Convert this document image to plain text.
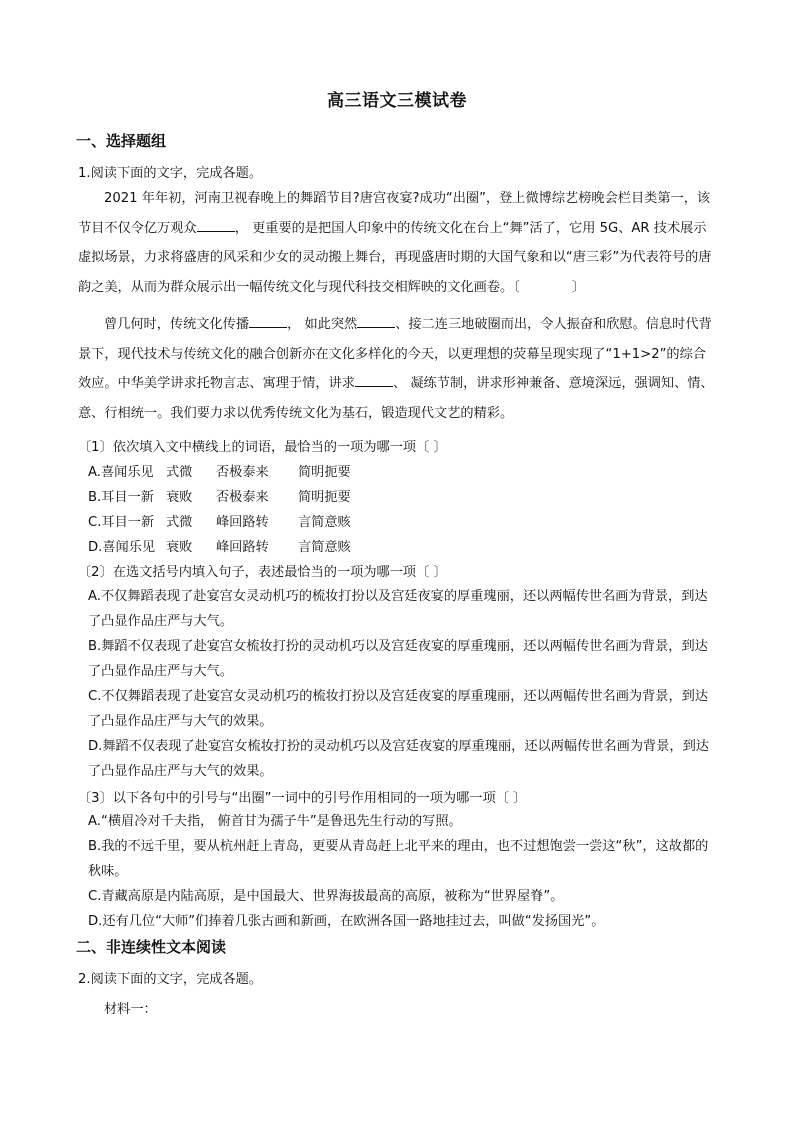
高三语文三模试卷
一、选择题组
1.阅读下面的文字，完成各题。

2021 年年初，河南卫视春晚上的舞蹈节目?唐宫夜宴?成功“出圈”，登上微博综艺榜晚会栏目类第一，该节目不仅令亿万观众	， 更重要的是把国人印象中的传统文化在台上“舞”活了，它用 5G、AR 技术展示虚拟场景，力求将盛唐的风采和少女的灵动搬上舞台，再现盛唐时期的大国气象和以“唐三彩”为代表符号的唐韵之美，从而为群众展示出一幅传统文化与现代科技交相辉映的文化画卷。〔	〕

曾几何时，传统文化传播	， 如此突然	、接二连三地破圈而出，令人振奋和欣慰。信息时代背景下，现代技术与传统文化的融合创新亦在文化多样化的今天，以更理想的荧幕呈现实现了“1+1>2”的综合效应。中华美学讲求托物言志、寓理于情，讲求	、 凝练节制，讲求形神兼备、意境深远，强调知、情、意、行相统一。我们要力求以优秀传统文化为基石，锻造现代文艺的精彩。

〔1〕依次填入文中横线上的词语，最恰当的一项为哪一项〔 〕
A.喜闻乐见 式微 否极泰来 简明扼要
B.耳目一新 衰败 否极泰来 简明扼要
C.耳目一新 式微 峰回路转 言简意赅
D.喜闻乐见 衰败 峰回路转 言简意赅
〔2〕在选文括号内填入句子，表述最恰当的一项为哪一项〔 〕
A.不仅舞蹈表现了赴宴宫女灵动机巧的梳妆打扮以及宫廷夜宴的厚重瑰丽，还以两幅传世名画为背景，到达了凸显作品庄严与大气。
B.舞蹈不仅表现了赴宴宫女梳妆打扮的灵动机巧以及宫廷夜宴的厚重瑰丽，还以两幅传世名画为背景，到达了凸显作品庄严与大气。
C.不仅舞蹈表现了赴宴宫女灵动机巧的梳妆打扮以及宫廷夜宴的厚重瑰丽，还以两幅传世名画为背景，到达了凸显作品庄严与大气的效果。
D.舞蹈不仅表现了赴宴宫女梳妆打扮的灵动机巧以及宫廷夜宴的厚重瑰丽，还以两幅传世名画为背景，到达了凸显作品庄严与大气的效果。
〔3〕以下各句中的引号与“出圈”一词中的引号作用相同的一项为哪一项〔 〕
A.“横眉冷对千夫指， 俯首甘为孺子牛”是鲁迅先生行动的写照。
B.我的不远千里，要从杭州赶上青岛，更要从青岛赶上北平来的理由，也不过想饱尝一尝这“秋”，这故都的秋味。
C.青藏高原是内陆高原，是中国最大、世界海拔最高的高原，被称为“世界屋脊”。
D.还有几位“大师”们捧着几张古画和新画，在欧洲各国一路地挂过去，叫做“发扬国光”。
二、非连续性文本阅读
2.阅读下面的文字，完成各题。
材料一：
